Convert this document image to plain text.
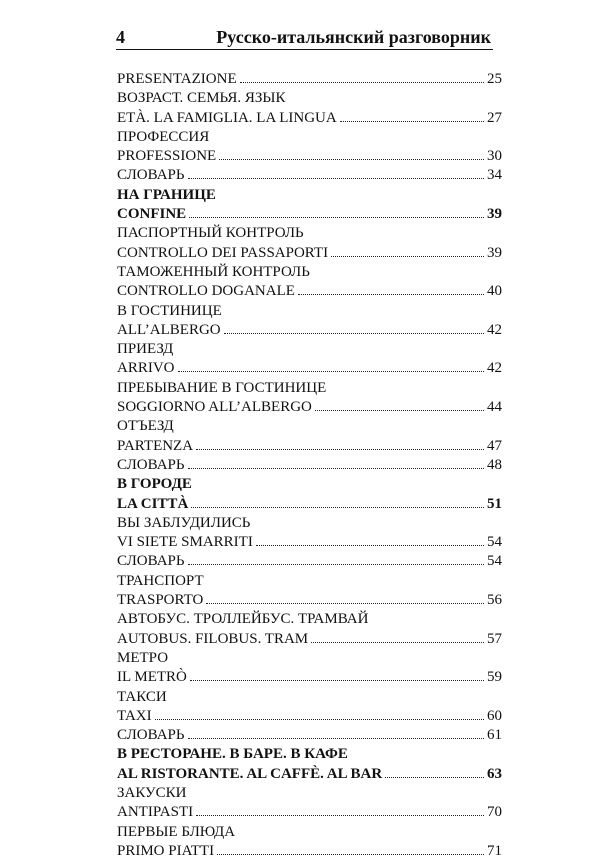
4	Русско-итальянский разговорник
PRESENTAZIONE	25
ВОЗРАСТ. СЕМЬЯ. ЯЗЫК
ETÀ. LA FAMIGLIA. LA LINGUA	27
ПРОФЕССИЯ
PROFESSIONE	30
СЛОВАРЬ	34
НА ГРАНИЦЕ
CONFINE	39
ПАСПОРТНЫЙ КОНТРОЛЬ
CONTROLLO DEI PASSAPORTI	39
ТАМОЖЕННЫЙ КОНТРОЛЬ
CONTROLLO DOGANALE	40
В ГОСТИНИЦЕ
ALL’ALBERGO	42
ПРИЕЗД
ARRIVO	42
ПРЕБЫВАНИЕ В ГОСТИНИЦЕ
SOGGIORNO ALL’ALBERGO	44
ОТЪЕЗД
PARTENZA	47
СЛОВАРЬ	48
В ГОРОДЕ
LA CITTÀ	51
ВЫ ЗАБЛУДИЛИСЬ
VI SIETE SMARRITI	54
СЛОВАРЬ	54
ТРАНСПОРТ
TRASPORTO	56
АВТОБУС. ТРОЛЛЕЙБУС. ТРАМВАЙ
AUTOBUS. FILOBUS. TRAM	57
МЕТРО
IL METRÒ	59
ТАКСИ
TAXI	60
СЛОВАРЬ	61
В РЕСТОРАНЕ. В БАРЕ. В КАФЕ
AL RISTORANTE. AL CAFFÈ. AL BAR	63
ЗАКУСКИ
ANTIPASTI	70
ПЕРВЫЕ БЛЮДА
PRIMO PIATTI	71
